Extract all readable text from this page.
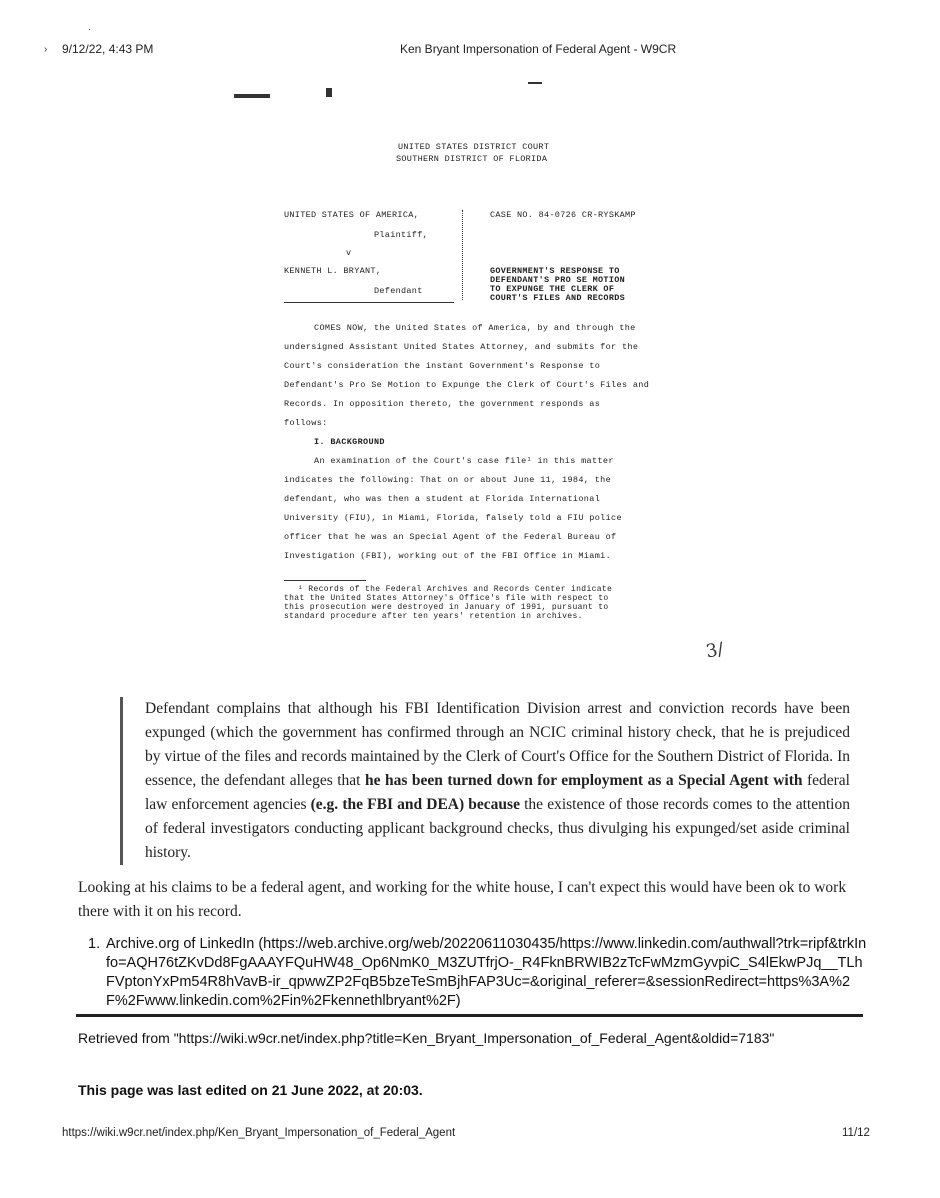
·
› 9/12/22, 4:43 PM	Ken Bryant Impersonation of Federal Agent - W9CR
UNITED STATES DISTRICT COURT
SOUTHERN DISTRICT OF FLORIDA
UNITED STATES OF AMERICA,
Plaintiff,
v
KENNETH L. BRYANT,
Defendant
CASE NO. 84-0726 CR-RYSKAMP
GOVERNMENT'S RESPONSE TO
DEFENDANT'S PRO SE MOTION
TO EXPUNGE THE CLERK OF
COURT'S FILES AND RECORDS
COMES NOW, the United States of America, by and through the
undersigned Assistant United States Attorney, and submits for the
Court's consideration the instant Government's Response to
Defendant's Pro Se Motion to Expunge the Clerk of Court's Files and
Records. In opposition thereto, the government responds as
follows:
I. BACKGROUND
An examination of the Court's case file¹ in this matter
indicates the following: That on or about June 11, 1984, the
defendant, who was then a student at Florida International
University (FIU), in Miami, Florida, falsely told a FIU police
officer that he was an Special Agent of the Federal Bureau of
Investigation (FBI), working out of the FBI Office in Miami.
¹ Records of the Federal Archives and Records Center indicate
that the United States Attorney's Office's file with respect to
this prosecution were destroyed in January of 1991, pursuant to
standard procedure after ten years' retention in archives.
3/
Defendant complains that although his FBI Identification Division arrest and conviction records have been expunged (which the government has confirmed through an NCIC criminal history check, that he is prejudiced by virtue of the files and records maintained by the Clerk of Court's Office for the Southern District of Florida. In essence, the defendant alleges that he has been turned down for employment as a Special Agent with federal law enforcement agencies (e.g. the FBI and DEA) because the existence of those records comes to the attention of federal investigators conducting applicant background checks, thus divulging his expunged/set aside criminal history.
Looking at his claims to be a federal agent, and working for the white house, I can't expect this would have been ok to work there with it on his record.
1. Archive.org of LinkedIn (https://web.archive.org/web/20220611030435/https://www.linkedin.com/authwall?trk=ripf&trkInfo=AQH76tZKvDd8FgAAAYFQuHW48_Op6NmK0_M3ZUTfrjO-_R4FknBRWIB2zTcFwMzmGyvpiC_S4lEkwPJq__TLhFVptonYxPm54R8hVavB-ir_qpwwZP2FqB5bzeTeSmBjhFAP3Uc=&original_referer=&sessionRedirect=https%3A%2F%2Fwww.linkedin.com%2Fin%2Fkennethlbryant%2F)
Retrieved from "https://wiki.w9cr.net/index.php?title=Ken_Bryant_Impersonation_of_Federal_Agent&oldid=7183"
This page was last edited on 21 June 2022, at 20:03.
https://wiki.w9cr.net/index.php/Ken_Bryant_Impersonation_of_Federal_Agent	11/12
